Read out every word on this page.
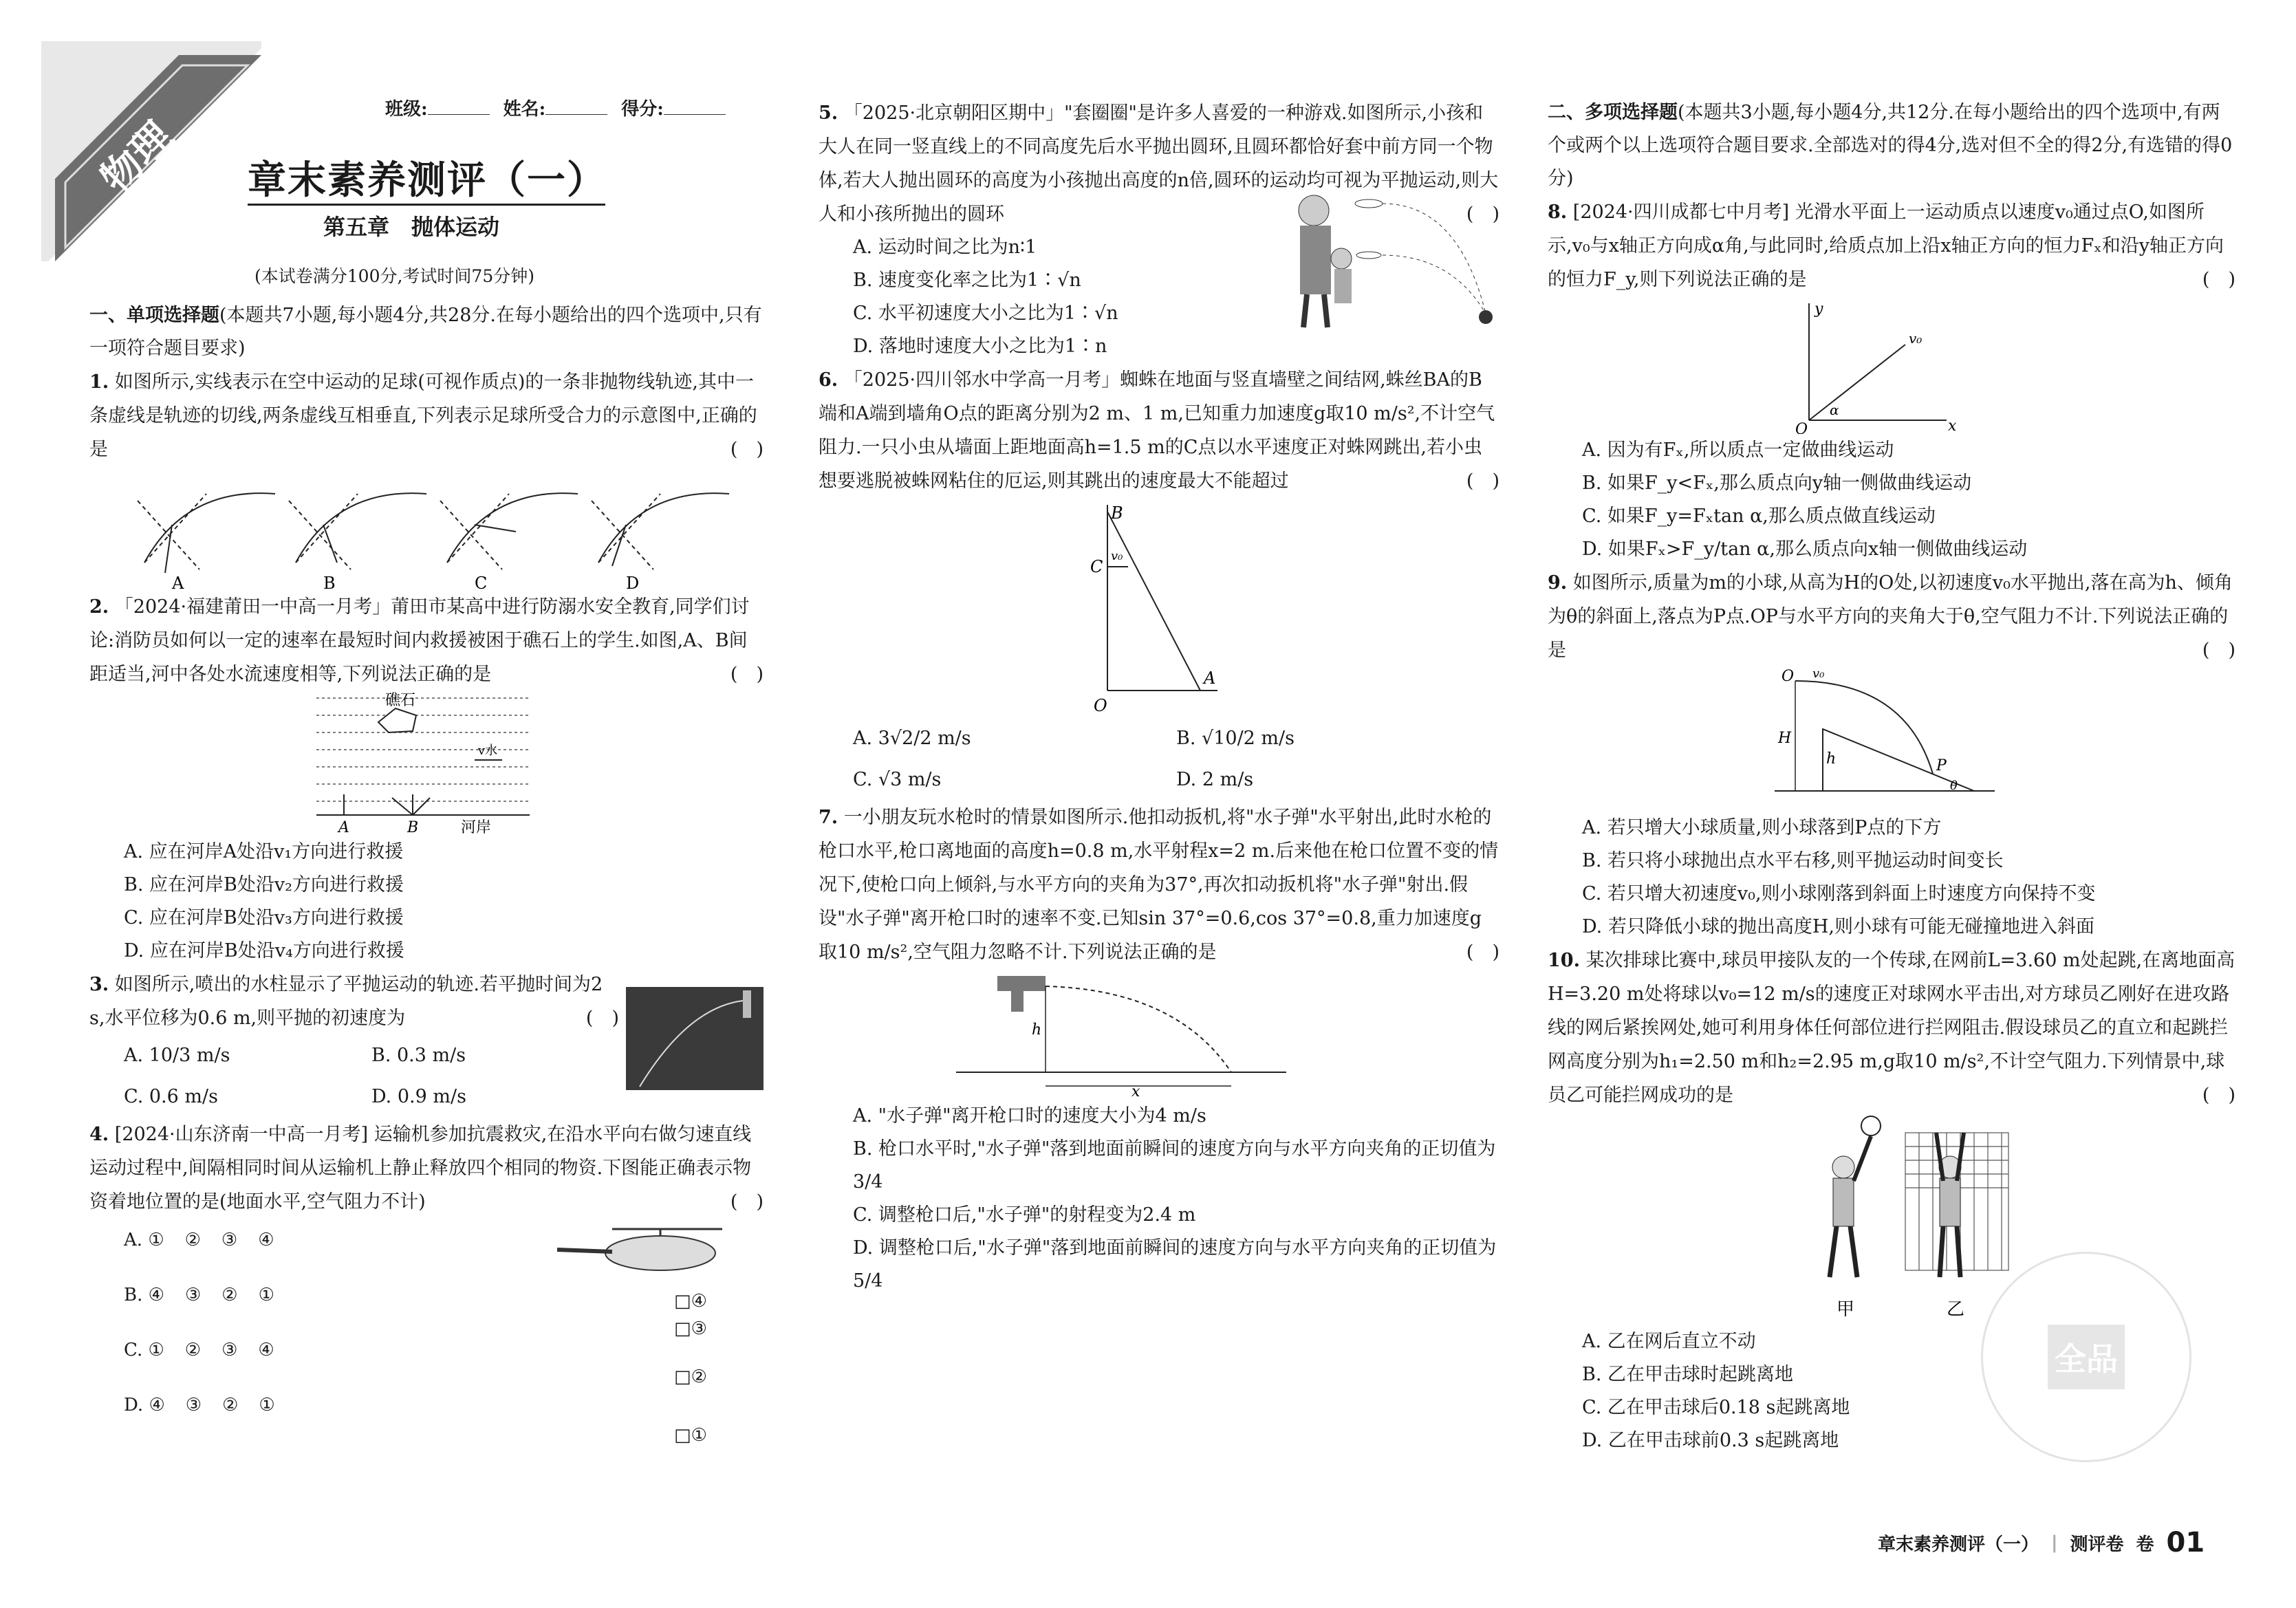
物理
班级:	姓名:	得分:
章末素养测评（一）
第五章　抛体运动
(本试卷满分100分,考试时间75分钟)

一、单项选择题(本题共7小题,每小题4分,共28分.在每小题给出的四个选项中,只有一项符合题目要求)

1. 如图所示,实线表示在空中运动的足球(可视作质点)的一条非抛物线轨迹,其中一条虚线是轨迹的切线,两条虚线互相垂直,下列表示足球所受合力的示意图中,正确的是	(　)

A	B	C	D

2. 「2024·福建莆田一中高一月考」莆田市某高中进行防溺水安全教育,同学们讨论:消防员如何以一定的速率在最短时间内救援被困于礁石上的学生.如图,A、B间距适当,河中各处水流速度相等,下列说法正确的是	(　)

礁石
v水
A	B	河岸
A. 应在河岸A处沿v₁方向进行救援
B. 应在河岸B处沿v₂方向进行救援
C. 应在河岸B处沿v₃方向进行救援
D. 应在河岸B处沿v₄方向进行救援

3. 如图所示,喷出的水柱显示了平抛运动的轨迹.若平抛时间为2 s,水平位移为0.6 m,则平抛的初速度为	(　)

A. 10/3 m/s	B. 0.3 m/s
C. 0.6 m/s	D. 0.9 m/s

4. [2024·山东济南一中高一月考] 运输机参加抗震救灾,在沿水平向右做匀速直线运动过程中,间隔相同时间从运输机上静止释放四个相同的物资.下图能正确表示物资着地位置的是(地面水平,空气阻力不计)	(　)

A. ①　②　③　④
B. ④　③　②　①
C. ①　②　③　④
D. ④　③　②　①
□④
□③
□②
□①

5. 「2025·北京朝阳区期中」"套圈圈"是许多人喜爱的一种游戏.如图所示,小孩和大人在同一竖直线上的不同高度先后水平抛出圆环,且圆环都恰好套中前方同一个物体,若大人抛出圆环的高度为小孩抛出高度的n倍,圆环的运动均可视为平抛运动,则大人和小孩所抛出的圆环	(　)

A. 运动时间之比为n∶1
B. 速度变化率之比为1∶√n
C. 水平初速度大小之比为1∶√n
D. 落地时速度大小之比为1∶n

6. 「2025·四川邻水中学高一月考」蜘蛛在地面与竖直墙壁之间结网,蛛丝BA的B端和A端到墙角O点的距离分别为2 m、1 m,已知重力加速度g取10 m/s²,不计空气阻力.一只小虫从墙面上距地面高h=1.5 m的C点以水平速度正对蛛网跳出,若小虫想要逃脱被蛛网粘住的厄运,则其跳出的速度最大不能超过	(　)

B
C
v₀
O
A
A. 3√2/2 m/s	B. √10/2 m/s
C. √3 m/s	D. 2 m/s

7. 一小朋友玩水枪时的情景如图所示.他扣动扳机,将"水子弹"水平射出,此时水枪的枪口水平,枪口离地面的高度h=0.8 m,水平射程x=2 m.后来他在枪口位置不变的情况下,使枪口向上倾斜,与水平方向的夹角为37°,再次扣动扳机将"水子弹"射出.假设"水子弹"离开枪口时的速率不变.已知sin 37°=0.6,cos 37°=0.8,重力加速度g取10 m/s²,空气阻力忽略不计.下列说法正确的是	(　)

h
x
A. "水子弹"离开枪口时的速度大小为4 m/s
B. 枪口水平时,"水子弹"落到地面前瞬间的速度方向与水平方向夹角的正切值为3/4
C. 调整枪口后,"水子弹"的射程变为2.4 m
D. 调整枪口后,"水子弹"落到地面前瞬间的速度方向与水平方向夹角的正切值为5/4

二、多项选择题(本题共3小题,每小题4分,共12分.在每小题给出的四个选项中,有两个或两个以上选项符合题目要求.全部选对的得4分,选对但不全的得2分,有选错的得0分)

8. [2024·四川成都七中月考] 光滑水平面上一运动质点以速度v₀通过点O,如图所示,v₀与x轴正方向成α角,与此同时,给质点加上沿x轴正方向的恒力Fₓ和沿y轴正方向的恒力F_y,则下列说法正确的是	(　)

y
x
O
v₀
α
A. 因为有Fₓ,所以质点一定做曲线运动
B. 如果F_y<Fₓ,那么质点向y轴一侧做曲线运动
C. 如果F_y=Fₓtan α,那么质点做直线运动
D. 如果Fₓ>F_y/tan α,那么质点向x轴一侧做曲线运动

9. 如图所示,质量为m的小球,从高为H的O处,以初速度v₀水平抛出,落在高为h、倾角为θ的斜面上,落点为P点.OP与水平方向的夹角大于θ,空气阻力不计.下列说法正确的是	(　)

O v₀
H
h	P
θ
A. 若只增大小球质量,则小球落到P点的下方
B. 若只将小球抛出点水平右移,则平抛运动时间变长
C. 若只增大初速度v₀,则小球刚落到斜面上时速度方向保持不变
D. 若只降低小球的抛出高度H,则小球有可能无碰撞地进入斜面

10. 某次排球比赛中,球员甲接队友的一个传球,在网前L=3.60 m处起跳,在离地面高H=3.20 m处将球以v₀=12 m/s的速度正对球网水平击出,对方球员乙刚好在进攻路线的网后紧挨网处,她可利用身体任何部位进行拦网阻击.假设球员乙的直立和起跳拦网高度分别为h₁=2.50 m和h₂=2.95 m,g取10 m/s²,不计空气阻力.下列情景中,球员乙可能拦网成功的是	(　)

甲	乙
A. 乙在网后直立不动
B. 乙在甲击球时起跳离地
C. 乙在甲击球后0.18 s起跳离地
D. 乙在甲击球前0.3 s起跳离地
全品
章末素养测评（一） | 测评卷 卷 01
